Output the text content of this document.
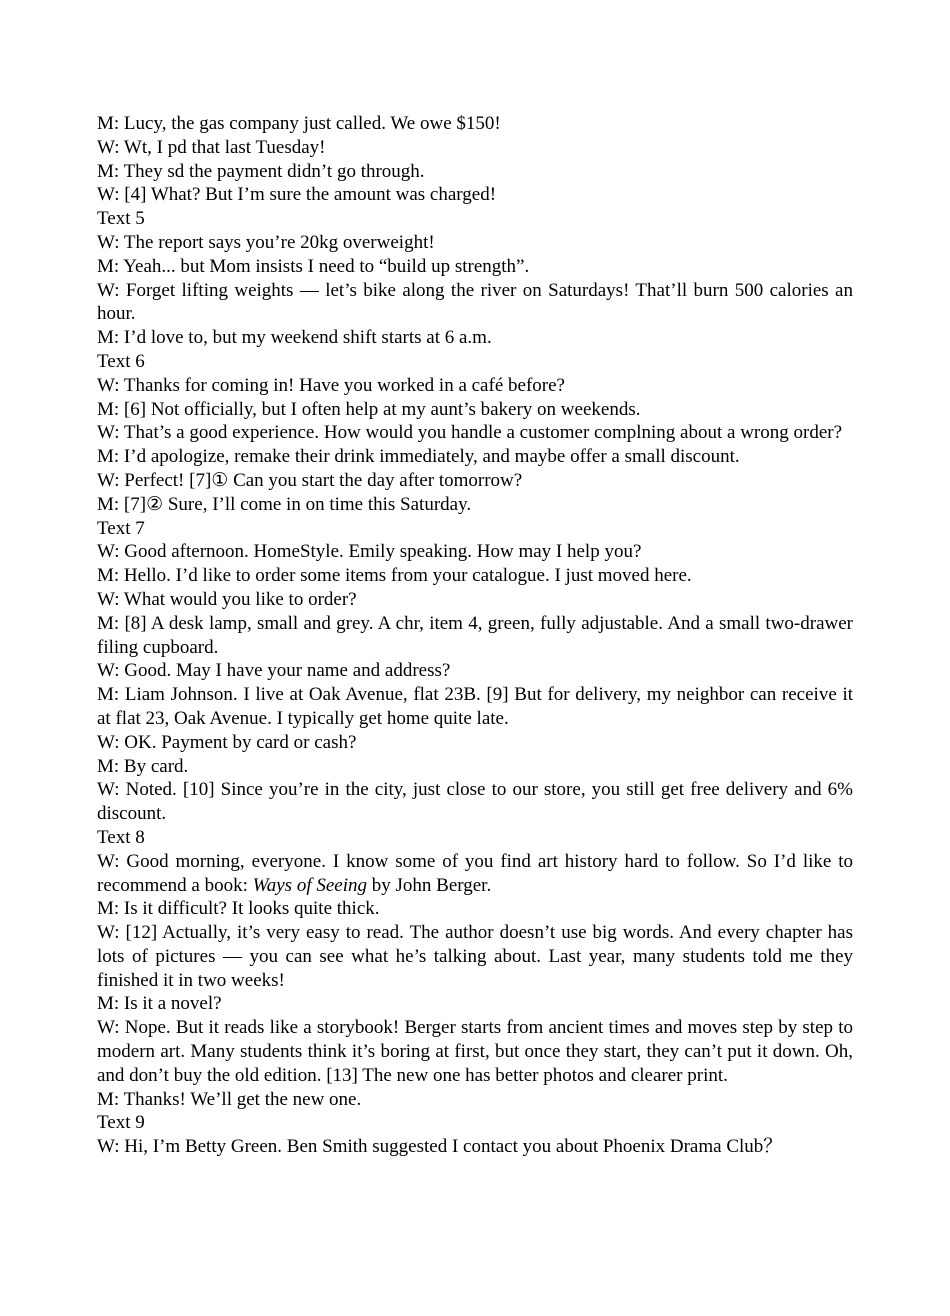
M: Lucy, the gas company just called. We owe $150!

W: Wt, I pd that last Tuesday!

M: They sd the payment didn’t go through.

W: [4] What? But I’m sure the amount was charged!

Text 5

W: The report says you’re 20kg overweight!

M: Yeah... but Mom insists I need to “build up strength”.

W: Forget lifting weights — let’s bike along the river on Saturdays! That’ll burn 500 calories an hour.

M: I’d love to, but my weekend shift starts at 6 a.m.

Text 6

W: Thanks for coming in! Have you worked in a café before?

M: [6] Not officially, but I often help at my aunt’s bakery on weekends.

W: That’s a good experience. How would you handle a customer complning about a wrong order?

M: I’d apologize, remake their drink immediately, and maybe offer a small discount.

W: Perfect! [7]① Can you start the day after tomorrow?

M: [7]② Sure, I’ll come in on time this Saturday.

Text 7

W: Good afternoon. HomeStyle. Emily speaking. How may I help you?

M: Hello. I’d like to order some items from your catalogue. I just moved here.

W: What would you like to order?

M: [8] A desk lamp, small and grey. A chr, item 4, green, fully adjustable. And a small two-drawer filing cupboard.

W: Good. May I have your name and address?

M: Liam Johnson. I live at Oak Avenue, flat 23B. [9] But for delivery, my neighbor can receive it at flat 23, Oak Avenue. I typically get home quite late.

W: OK. Payment by card or cash?

M: By card.

W: Noted. [10] Since you’re in the city, just close to our store, you still get free delivery and 6% discount.

Text 8

W: Good morning, everyone. I know some of you find art history hard to follow. So I’d like to recommend a book: Ways of Seeing by John Berger.

M: Is it difficult? It looks quite thick.

W: [12] Actually, it’s very easy to read. The author doesn’t use big words. And every chapter has lots of pictures — you can see what he’s talking about. Last year, many students told me they finished it in two weeks!

M: Is it a novel?

W: Nope. But it reads like a storybook! Berger starts from ancient times and moves step by step to modern art. Many students think it’s boring at first, but once they start, they can’t put it down. Oh, and don’t buy the old edition. [13] The new one has better photos and clearer print.

M: Thanks! We’ll get the new one.

Text 9

W: Hi, I’m Betty Green. Ben Smith suggested I contact you about Phoenix Drama Club？
